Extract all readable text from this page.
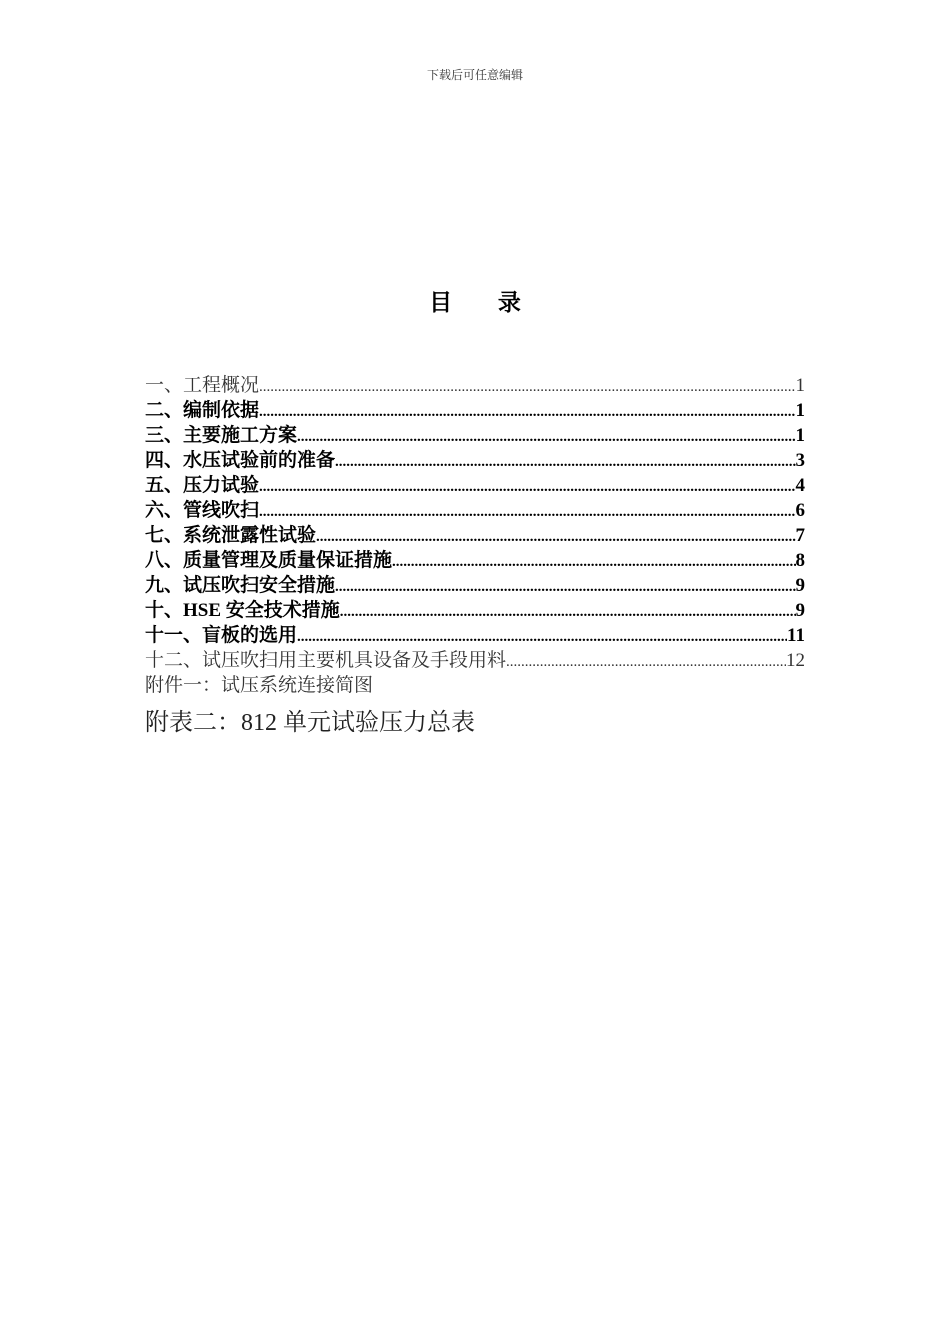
下载后可任意编辑
目 录
一、工程概况 .....	1
二、编制依据 .....	1
三、主要施工方案 .....	1
四、水压试验前的准备 .....	3
五、压力试验 .....	4
六、管线吹扫 .....	6
七、系统泄露性试验 .....	7
八、质量管理及质量保证措施 .....	8
九、试压吹扫安全措施 .....	9
十、HSE 安全技术措施 .....	9
十一、盲板的选用 .....	11
十二、试压吹扫用主要机具设备及手段用料 .....	12
附件一：试压系统连接简图
附表二：812 单元试验压力总表
